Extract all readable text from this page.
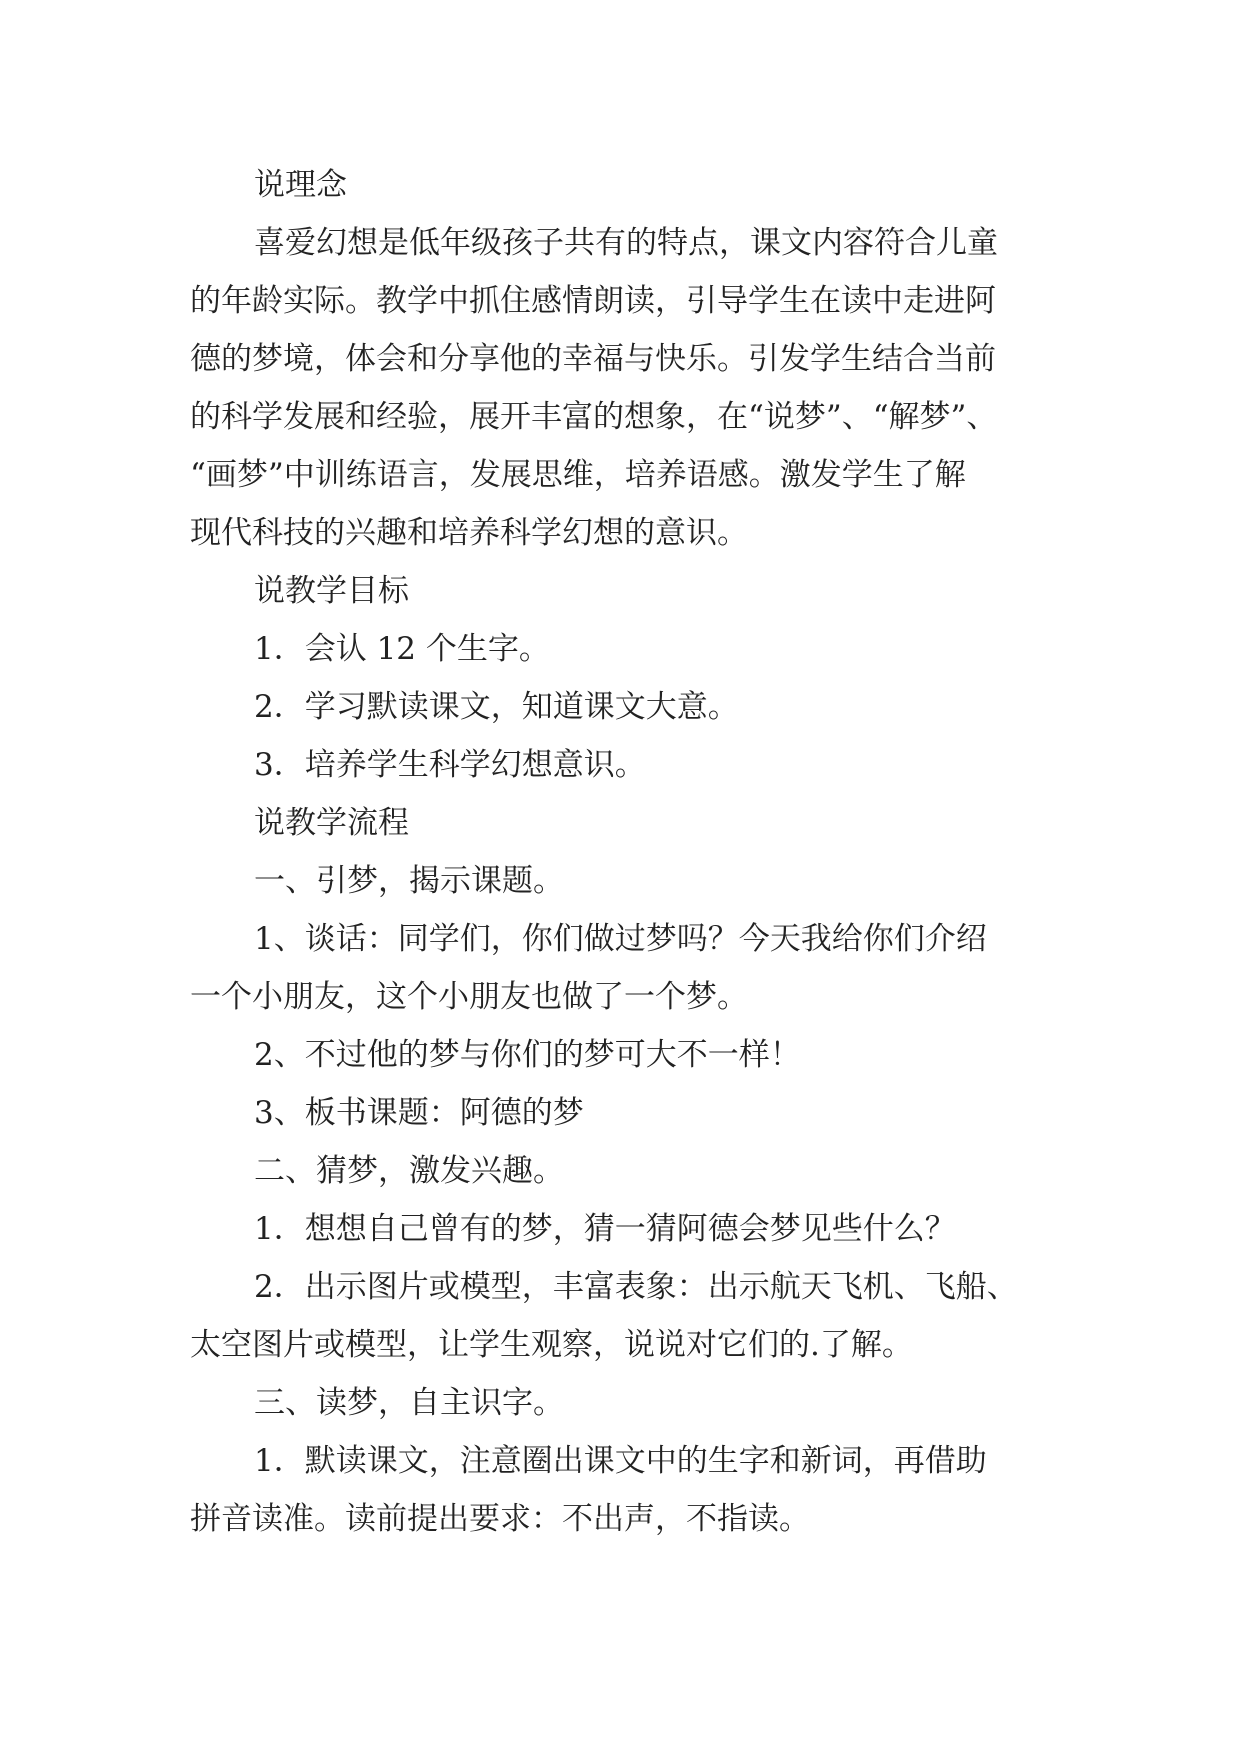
说理念

喜爱幻想是低年级孩子共有的特点，课文内容符合儿童
的年龄实际。教学中抓住感情朗读，引导学生在读中走进阿
德的梦境，体会和分享他的幸福与快乐。引发学生结合当前
的科学发展和经验，展开丰富的想象，在“说梦”、“解梦”、
“画梦”中训练语言，发展思维，培养语感。激发学生了解
现代科技的兴趣和培养科学幻想的意识。

说教学目标

1．会认 12 个生字。

2．学习默读课文，知道课文大意。

3．培养学生科学幻想意识。

说教学流程

一、引梦，揭示课题。

1、谈话：同学们，你们做过梦吗？今天我给你们介绍
一个小朋友，这个小朋友也做了一个梦。

2、不过他的梦与你们的梦可大不一样！

3、板书课题：阿德的梦

二、猜梦，激发兴趣。

1．想想自己曾有的梦，猜一猜阿德会梦见些什么？

2．出示图片或模型，丰富表象：出示航天飞机、飞船、
太空图片或模型，让学生观察，说说对它们的.了解。

三、读梦，自主识字。

1．默读课文，注意圈出课文中的生字和新词，再借助
拼音读准。读前提出要求：不出声，不指读。
